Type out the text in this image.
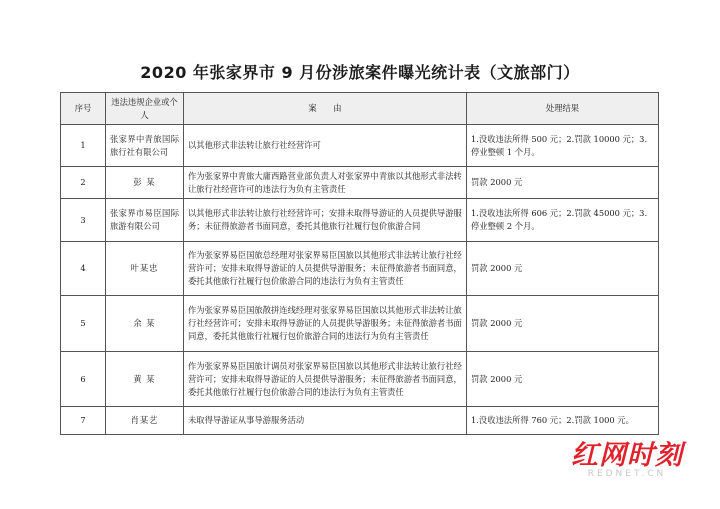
2020 年张家界市 9 月份涉旅案件曝光统计表（文旅部门）
序号	违法违规企业或个人	案　　由	处理结果
1	张家界中青旅国际旅行社有限公司	以其他形式非法转让旅行社经营许可	1.没收违法所得 500 元；2.罚款 10000 元；3.停业整顿 1 个月。
2	彭 某	作为张家界中青旅大庸西路营业部负责人对张家界中青旅以其他形式非法转让旅行社经营许可的违法行为负有主管责任	罚款 2000 元
3	张家界市易臣国际旅游有限公司	以其他形式非法转让旅行社经营许可；安排未取得导游证的人员提供导游服务；未征得旅游者书面同意，委托其他旅行社履行包价旅游合同	1.没收违法所得 606 元；2.罚款 45000 元；3.停业整顿 2 个月。
4	叶某忠	作为张家界易臣国旅总经理对张家界易臣国旅以其他形式非法转让旅行社经营许可；安排未取得导游证的人员提供导游服务；未征得旅游者书面同意，委托其他旅行社履行包价旅游合同的违法行为负有主管责任	罚款 2000 元
5	余 某	作为张家界易臣国旅散拼连线经理对张家界易臣国旅以其他形式非法转让旅行社经营许可；安排未取得导游证的人员提供导游服务；未征得旅游者书面同意，委托其他旅行社履行包价旅游合同的违法行为负有主管责任	罚款 2000 元
6	黄 某	作为张家界易臣国旅计调员对张家界易臣国旅以其他形式非法转让旅行社经营许可；安排未取得导游证的人员提供导游服务；未征得旅游者书面同意，委托其他旅行社履行包价旅游合同的违法行为负有主管责任	罚款 2000 元
7	肖某艺	未取得导游证从事导游服务活动	1.没收违法所得 760 元；2.罚款 1000 元。
红网时刻
REDNET.CN
